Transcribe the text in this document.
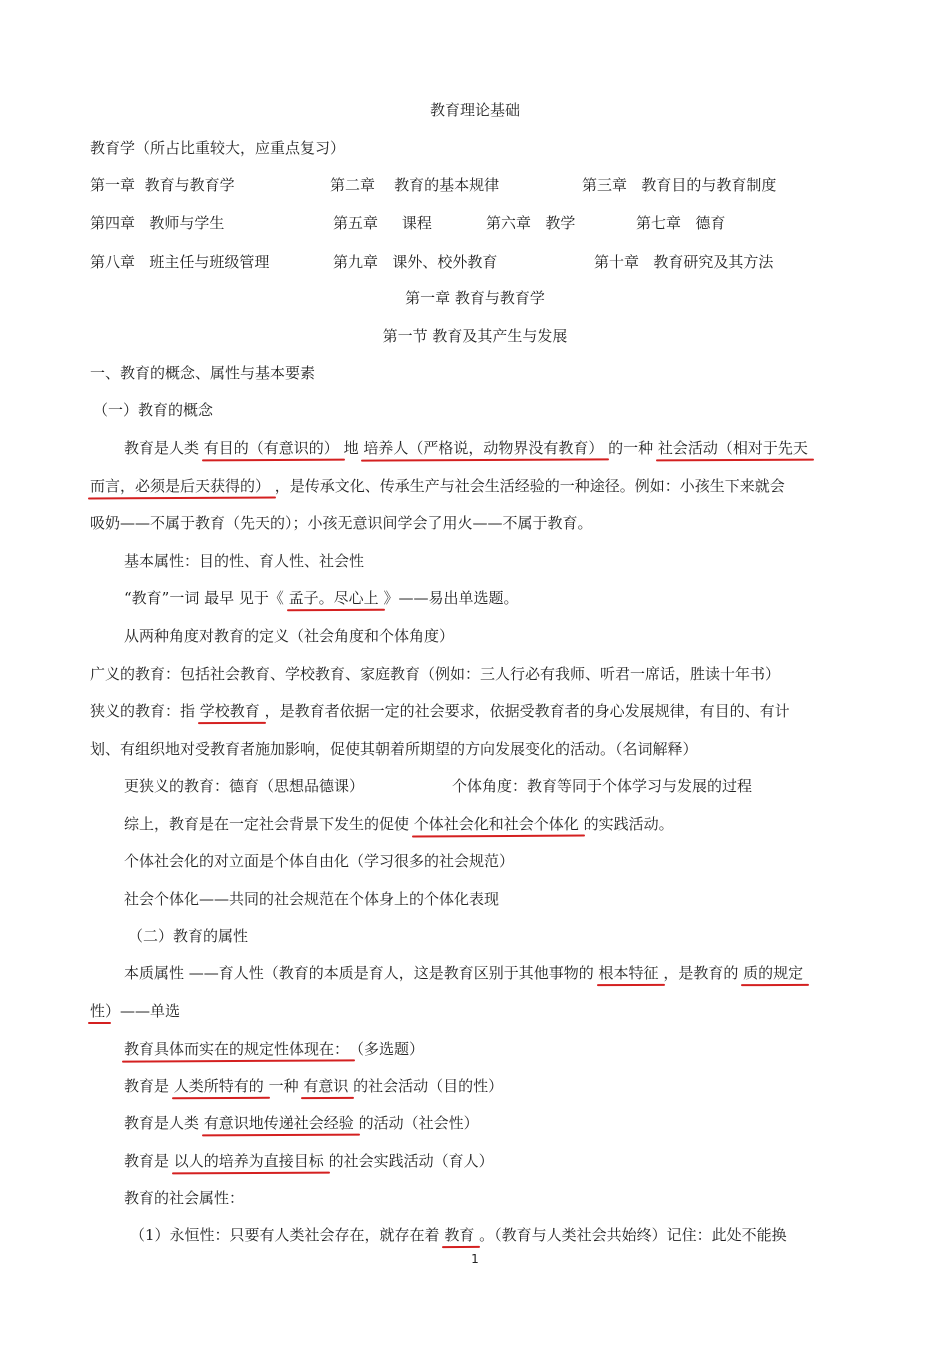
教育理论基础
教育学（所占比重较大，应重点复习）
第一章 教育与教育学	第二章 教育的基本规律	第三章 教育目的与教育制度
第四章 教师与学生	第五章 课程	第六章 教学	第七章 德育
第八章 班主任与班级管理	第九章 课外、校外教育	第十章 教育研究及其方法
第一章 教育与教育学
第一节 教育及其产生与发展
一、教育的概念、属性与基本要素
（一）教育的概念
教育是人类 有目的（有意识的） 地 培养人（严格说，动物界没有教育） 的一种 社会活动（相对于先天
而言，必须是后天获得的） ，是传承文化、传承生产与社会生活经验的一种途径。例如：小孩生下来就会
吸奶——不属于教育（先天的）；小孩无意识间学会了用火——不属于教育。
基本属性：目的性、育人性、社会性
“教育”一词 最早 见于《 孟子。尽心上 》——易出单选题。
从两种角度对教育的定义（社会角度和个体角度）
广义的教育：包括社会教育、学校教育、家庭教育（例如：三人行必有我师、听君一席话，胜读十年书）
狭义的教育：指 学校教育 ，是教育者依据一定的社会要求，依据受教育者的身心发展规律，有目的、有计
划、有组织地对受教育者施加影响，促使其朝着所期望的方向发展变化的活动。（名词解释）
更狭义的教育：德育（思想品德课）	个体角度：教育等同于个体学习与发展的过程
综上，教育是在一定社会背景下发生的促使 个体社会化和社会个体化 的实践活动。
个体社会化的对立面是个体自由化（学习很多的社会规范）
社会个体化——共同的社会规范在个体身上的个体化表现
（二）教育的属性
本质属性 ——育人性（教育的本质是育人，这是教育区别于其他事物的 根本特征 ，是教育的 质的规定
性）——单选
教育具体而实在的规定性体现在：（多选题）
教育是 人类所特有的 一种 有意识 的社会活动（目的性）
教育是人类 有意识地传递社会经验 的活动（社会性）
教育是 以人的培养为直接目标 的社会实践活动（育人）
教育的社会属性：
（1）永恒性：只要有人类社会存在，就存在着 教育 。（教育与人类社会共始终）记住：此处不能换
1
